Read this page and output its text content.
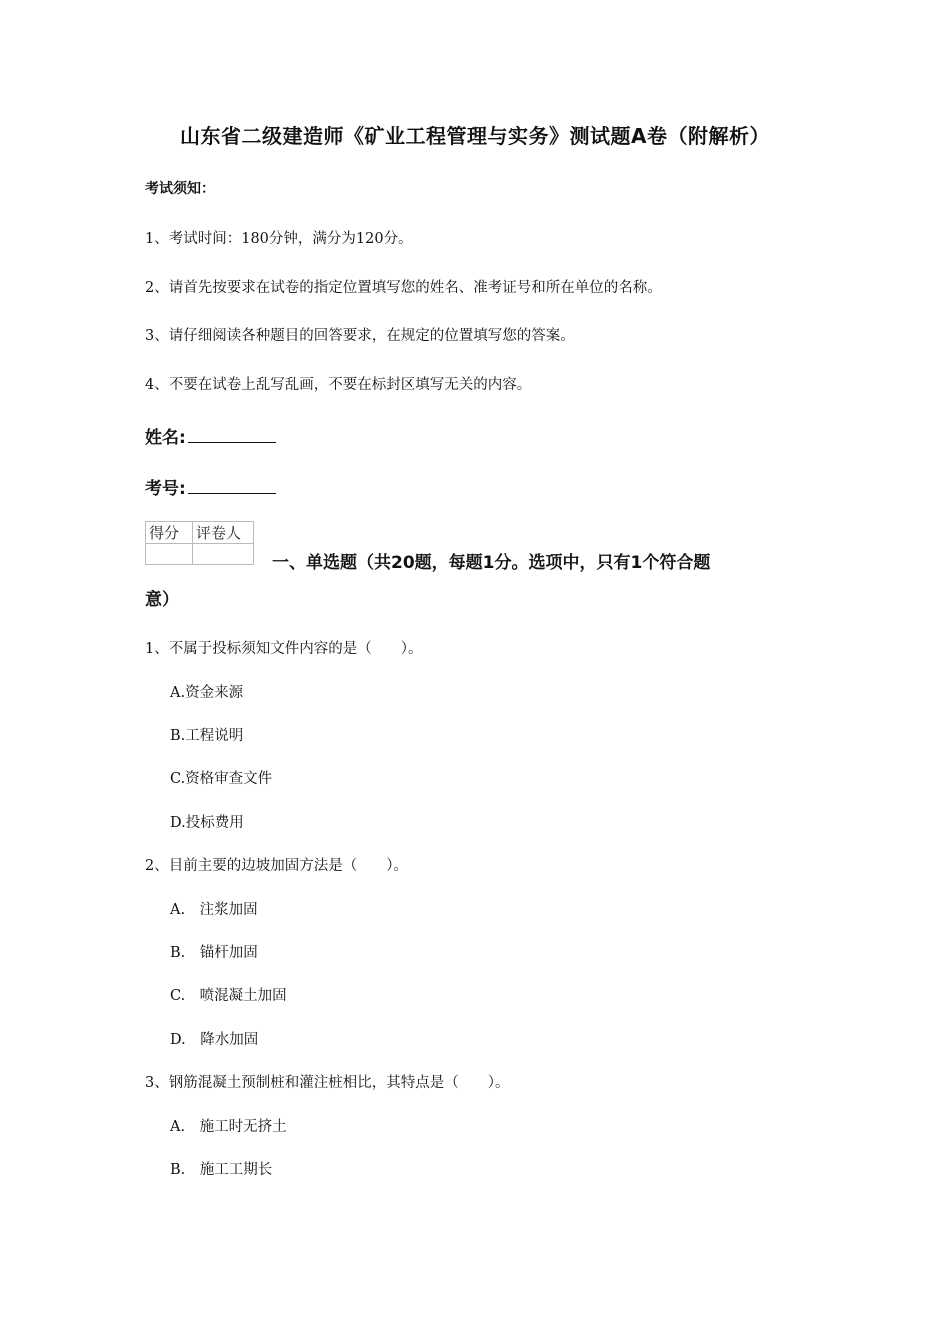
山东省二级建造师《矿业工程管理与实务》测试题A卷（附解析）
考试须知：
1、考试时间：180分钟，满分为120分。
2、请首先按要求在试卷的指定位置填写您的姓名、准考证号和所在单位的名称。
3、请仔细阅读各种题目的回答要求，在规定的位置填写您的答案。
4、不要在试卷上乱写乱画，不要在标封区填写无关的内容。
姓名:
考号:
得分	评卷人

一、单选题（共20题，每题1分。选项中，只有1个符合题
意）
1、不属于投标须知文件内容的是（　　）。
A.资金来源
B.工程说明
C.资格审查文件
D.投标费用
2、目前主要的边坡加固方法是（　　）。
A.　注浆加固
B.　锚杆加固
C.　喷混凝土加固
D.　降水加固
3、钢筋混凝土预制桩和灌注桩相比，其特点是（　　）。
A.　施工时无挤土
B.　施工工期长
